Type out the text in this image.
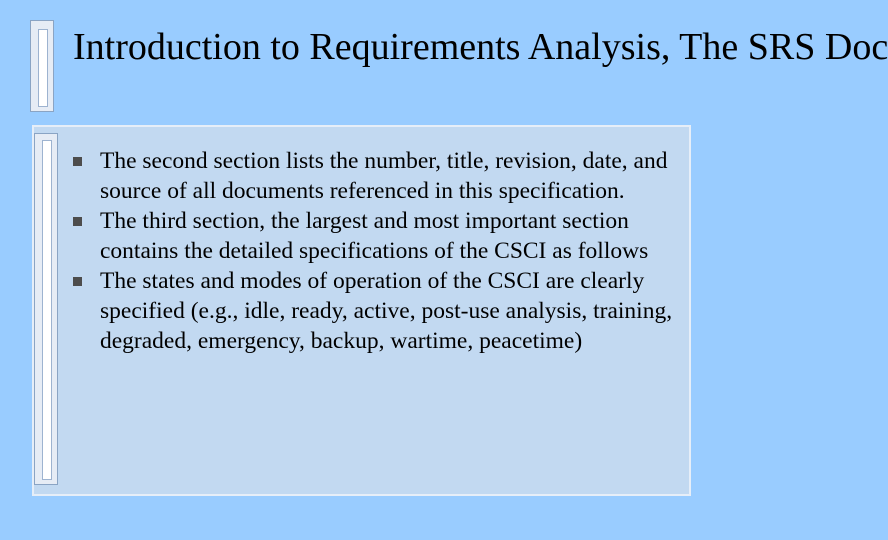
Introduction to Requirements Analysis, The SRS Doc
The second section lists the number, title, revision, date, and source of all documents referenced in this specification.
The third section, the largest and most important section contains the detailed specifications of the CSCI as follows
The states and modes of operation of the CSCI are clearly specified (e.g., idle, ready, active, post-use analysis, training, degraded, emergency, backup, wartime, peacetime)
